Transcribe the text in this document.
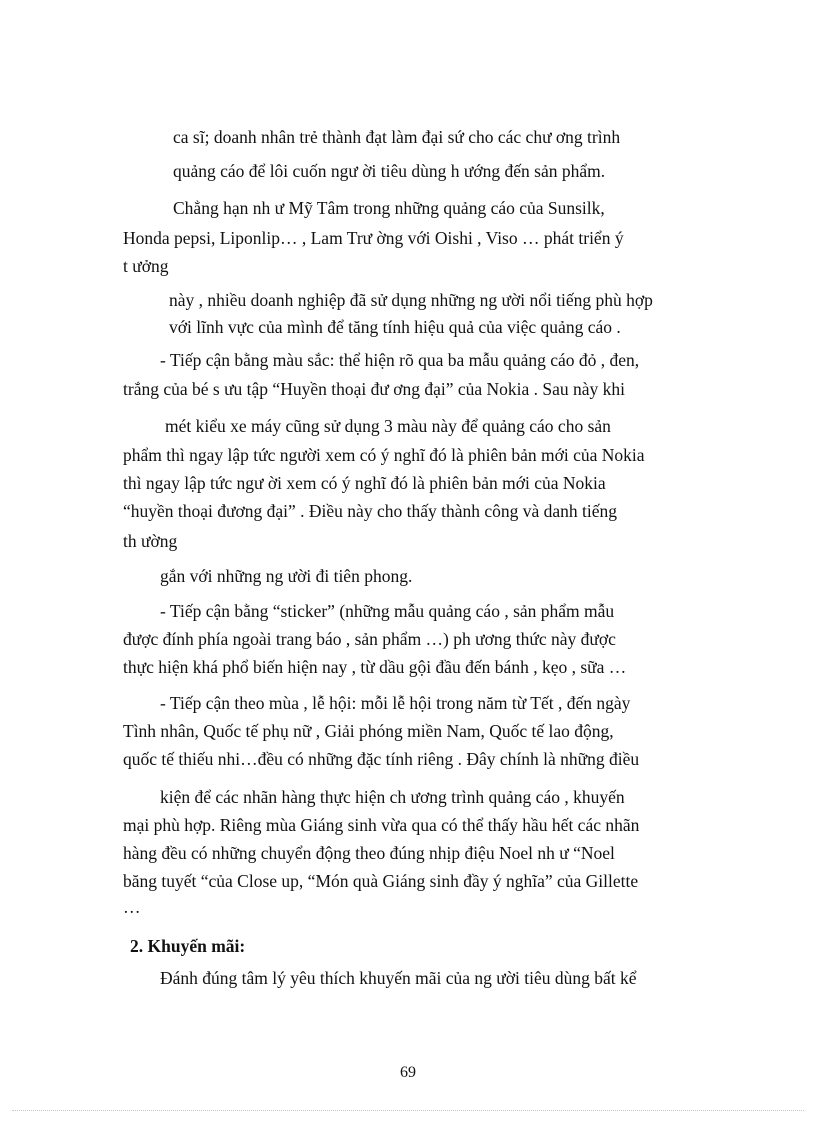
ca sĩ; doanh nhân trẻ thành đạt làm đại sứ cho các chư ơng trình

quảng cáo để lôi cuốn ngư ời tiêu dùng h ướng đến sản phẩm.

Chẳng hạn nh ư Mỹ Tâm trong những quảng cáo của Sunsilk,

Honda pepsi, Liponlip… , Lam Trư ờng với Oishi , Viso … phát triển ý

t ưởng

này , nhiều doanh nghiệp đã sử dụng những ng ười nổi tiếng phù hợp

với lĩnh vực của mình để tăng tính hiệu quả của việc quảng cáo .

- Tiếp cận bằng màu sắc: thể hiện rõ qua ba mẫu quảng cáo đỏ , đen,

trắng của bé s ưu tập “Huyền thoại đư ơng đại” của Nokia . Sau này khi

mét kiểu xe máy cũng sử dụng 3 màu này để quảng cáo cho sản

phẩm thì ngay lập tức người xem có ý nghĩ đó là phiên bản mới của Nokia

thì ngay lập tức ngư ời xem có ý nghĩ đó là phiên bản mới của Nokia

“huyền thoại đương đại” . Điều này cho thấy thành công và danh tiếng

th ường

gắn với những ng ười đi tiên phong.

- Tiếp cận bằng “sticker” (những mẫu quảng cáo , sản phẩm mẫu

được đính phía ngoài trang báo , sản phẩm …) ph ương thức này được

thực hiện khá phổ biến hiện nay , từ dầu gội đầu đến bánh , kẹo , sữa …

- Tiếp cận theo mùa , lễ hội: mỗi lễ hội trong năm từ Tết , đến ngày

Tình nhân, Quốc tế phụ nữ , Giải phóng miền Nam, Quốc tế lao động,

quốc tế thiếu nhi…đều có những đặc tính riêng . Đây chính là những điều

kiện để các nhãn hàng thực hiện ch ương trình quảng cáo , khuyến

mại phù hợp. Riêng mùa Giáng sinh vừa qua có thể thấy hầu hết các nhãn

hàng đều có những chuyển động theo đúng nhịp điệu Noel nh ư “Noel

băng tuyết “của Close up, “Món quà Giáng sinh đầy ý nghĩa” của Gillette

…

2. Khuyến mãi:

Đánh đúng tâm lý yêu thích khuyến mãi của ng ười tiêu dùng bất kể

69
